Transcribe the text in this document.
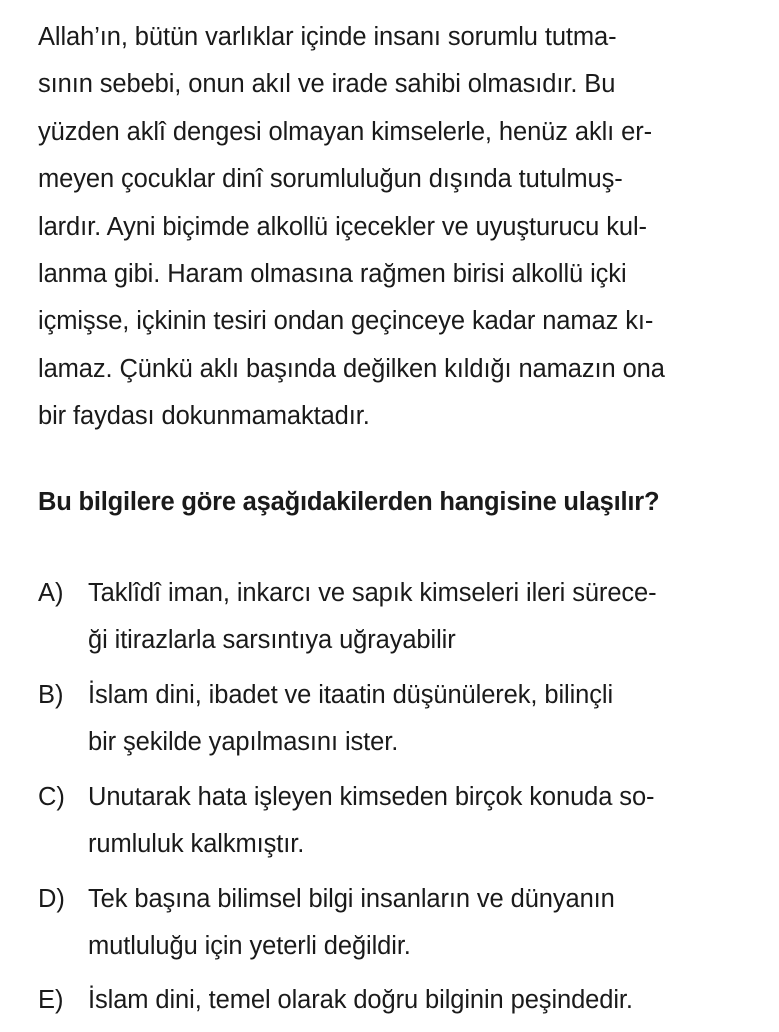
Allah’ın, bütün varlıklar içinde insanı sorumlu tutma-

sının sebebi, onun akıl ve irade sahibi olmasıdır. Bu

yüzden aklî dengesi olmayan kimselerle, henüz aklı er-

meyen çocuklar dinî sorumluluğun dışında tutulmuş-

lardır. Ayni biçimde alkollü içecekler ve uyuşturucu kul-

lanma gibi. Haram olmasına rağmen birisi alkollü içki

içmişse, içkinin tesiri ondan geçinceye kadar namaz kı-

lamaz. Çünkü aklı başında değilken kıldığı namazın ona

bir faydası dokunmamaktadır.

Bu bilgilere göre aşağıdakilerden hangisine ulaşılır?
A) Taklîdî iman, inkarcı ve sapık kimseleri ileri sürece-
ği itirazlarla sarsıntıya uğrayabilir
B) İslam dini, ibadet ve itaatin düşünülerek, bilinçli
bir şekilde yapılmasını ister.
C) Unutarak hata işleyen kimseden birçok konuda so-
rumluluk kalkmıştır.
D) Tek başına bilimsel bilgi insanların ve dünyanın
mutluluğu için yeterli değildir.
E) İslam dini, temel olarak doğru bilginin peşindedir.
